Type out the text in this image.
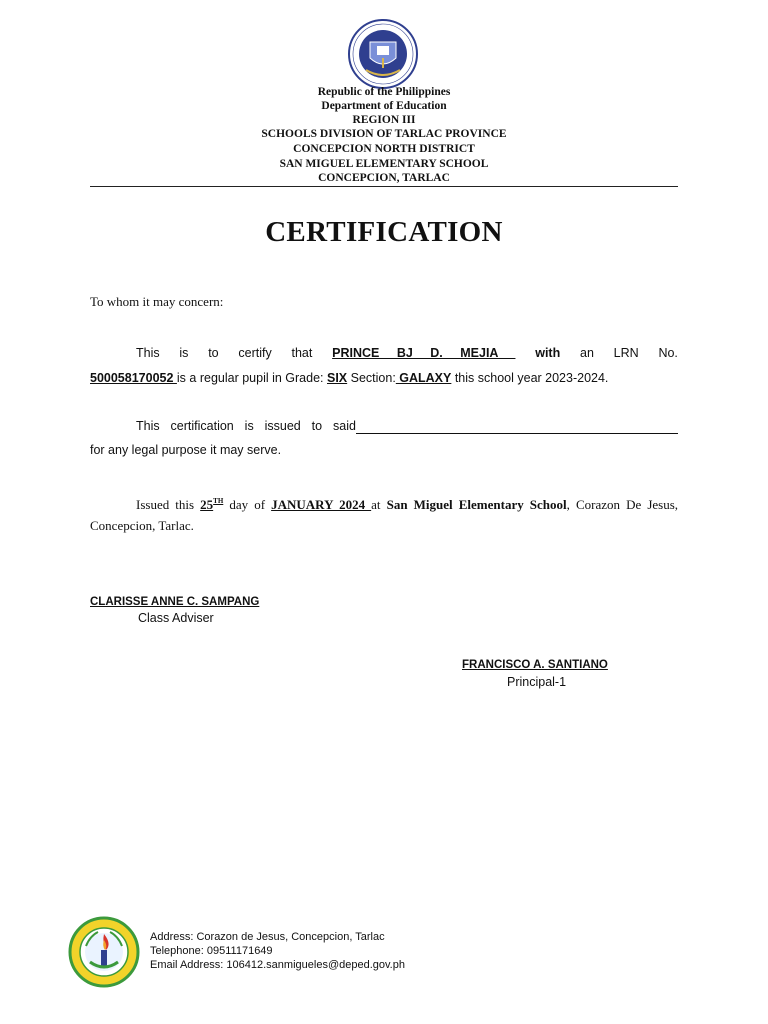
Republic of the Philippines
Department of Education
REGION III
SCHOOLS DIVISION OF TARLAC PROVINCE
CONCEPCION NORTH DISTRICT
SAN MIGUEL ELEMENTARY SCHOOL
CONCEPCION, TARLAC
CERTIFICATION
To whom it may concern:
This is to certify that PRINCE BJ D. MEJIA with an LRN No.
500058170052 is a regular pupil in Grade: SIX Section: GALAXY this school year 2023-2024.
This certification is issued to said
for any legal purpose it may serve.
Issued this 25TH day of JANUARY 2024 at San Miguel Elementary School, Corazon De Jesus,
Concepcion, Tarlac.
CLARISSE ANNE C. SAMPANG
Class Adviser
FRANCISCO A. SANTIANO
Principal-1
Address: Corazon de Jesus, Concepcion, Tarlac
Telephone: 09511171649
Email Address: 106412.sanmigueles@deped.gov.ph
